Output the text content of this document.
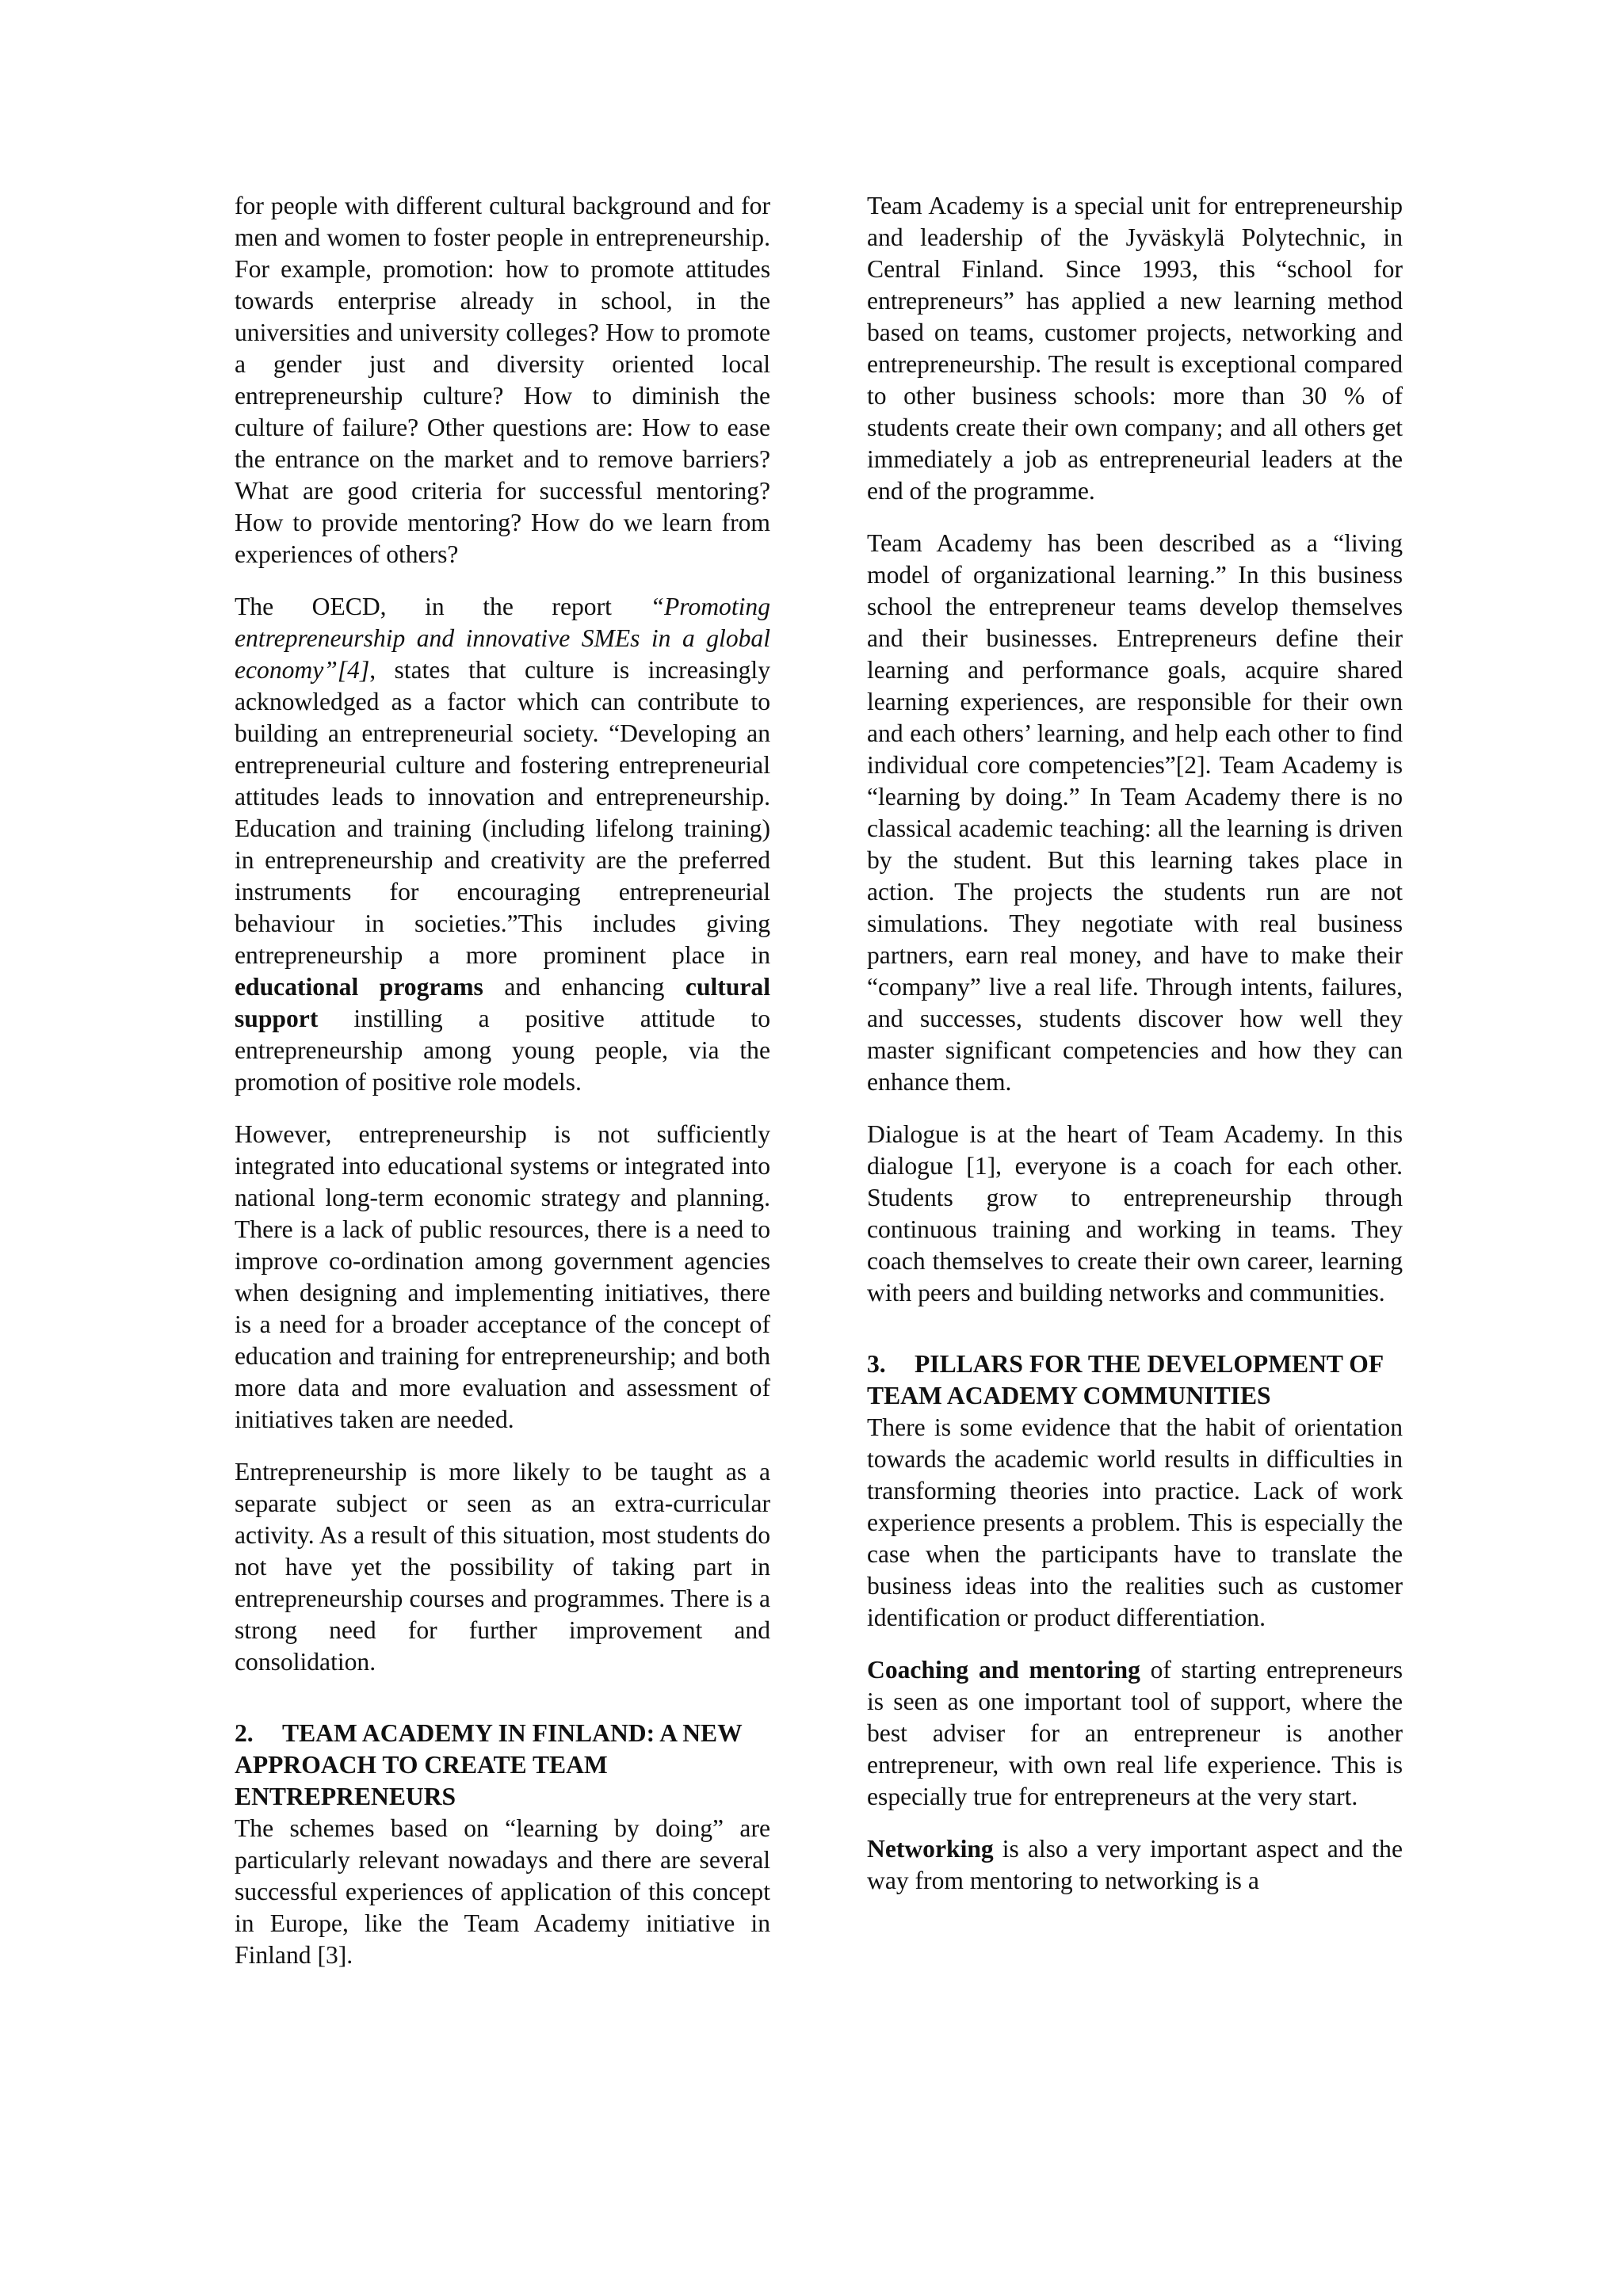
for people with different cultural background and for men and women to foster people in entrepreneurship. For example, promotion: how to promote attitudes towards enterprise already in school, in the universities and university colleges? How to promote a gender just and diversity oriented local entrepreneurship culture? How to diminish the culture of failure? Other questions are: How to ease the entrance on the market and to remove barriers? What are good criteria for successful mentoring? How to provide mentoring? How do we learn from experiences of others?

The OECD, in the report “Promoting entrepreneurship and innovative SMEs in a global economy”[4], states that culture is increasingly acknowledged as a factor which can contribute to building an entrepreneurial society. “Developing an entrepreneurial culture and fostering entrepreneurial attitudes leads to innovation and entrepreneurship. Education and training (including lifelong training) in entrepreneurship and creativity are the preferred instruments for encouraging entrepreneurial behaviour in societies.”This includes giving entrepreneurship a more prominent place in educational programs and enhancing cultural support instilling a positive attitude to entrepreneurship among young people, via the promotion of positive role models.

However, entrepreneurship is not sufficiently integrated into educational systems or integrated into national long-term economic strategy and planning. There is a lack of public resources, there is a need to improve co-ordination among government agencies when designing and implementing initiatives, there is a need for a broader acceptance of the concept of education and training for entrepreneurship; and both more data and more evaluation and assessment of initiatives taken are needed.

Entrepreneurship is more likely to be taught as a separate subject or seen as an extra-curricular activity. As a result of this situation, most students do not have yet the possibility of taking part in entrepreneurship courses and programmes. There is a strong need for further improvement and consolidation.

2. TEAM ACADEMY IN FINLAND: A NEW APPROACH TO CREATE TEAM ENTREPRENEURS

The schemes based on “learning by doing” are particularly relevant nowadays and there are several successful experiences of application of this concept in Europe, like the Team Academy initiative in Finland [3].

Team Academy is a special unit for entrepreneurship and leadership of the Jyväskylä Polytechnic, in Central Finland. Since 1993, this “school for entrepreneurs” has applied a new learning method based on teams, customer projects, networking and entrepreneurship. The result is exceptional compared to other business schools: more than 30 % of students create their own company; and all others get immediately a job as entrepreneurial leaders at the end of the programme.

Team Academy has been described as a “living model of organizational learning.” In this business school the entrepreneur teams develop themselves and their businesses. Entrepreneurs define their learning and performance goals, acquire shared learning experiences, are responsible for their own and each others’ learning, and help each other to find individual core competencies”[2]. Team Academy is “learning by doing.” In Team Academy there is no classical academic teaching: all the learning is driven by the student. But this learning takes place in action. The projects the students run are not simulations. They negotiate with real business partners, earn real money, and have to make their “company” live a real life. Through intents, failures, and successes, students discover how well they master significant competencies and how they can enhance them.

Dialogue is at the heart of Team Academy. In this dialogue [1], everyone is a coach for each other. Students grow to entrepreneurship through continuous training and working in teams. They coach themselves to create their own career, learning with peers and building networks and communities.

3. PILLARS FOR THE DEVELOPMENT OF TEAM ACADEMY COMMUNITIES

There is some evidence that the habit of orientation towards the academic world results in difficulties in transforming theories into practice. Lack of work experience presents a problem. This is especially the case when the participants have to translate the business ideas into the realities such as customer identification or product differentiation.

Coaching and mentoring of starting entrepreneurs is seen as one important tool of support, where the best adviser for an entrepreneur is another entrepreneur, with own real life experience. This is especially true for entrepreneurs at the very start.

Networking is also a very important aspect and the way from mentoring to networking is a
